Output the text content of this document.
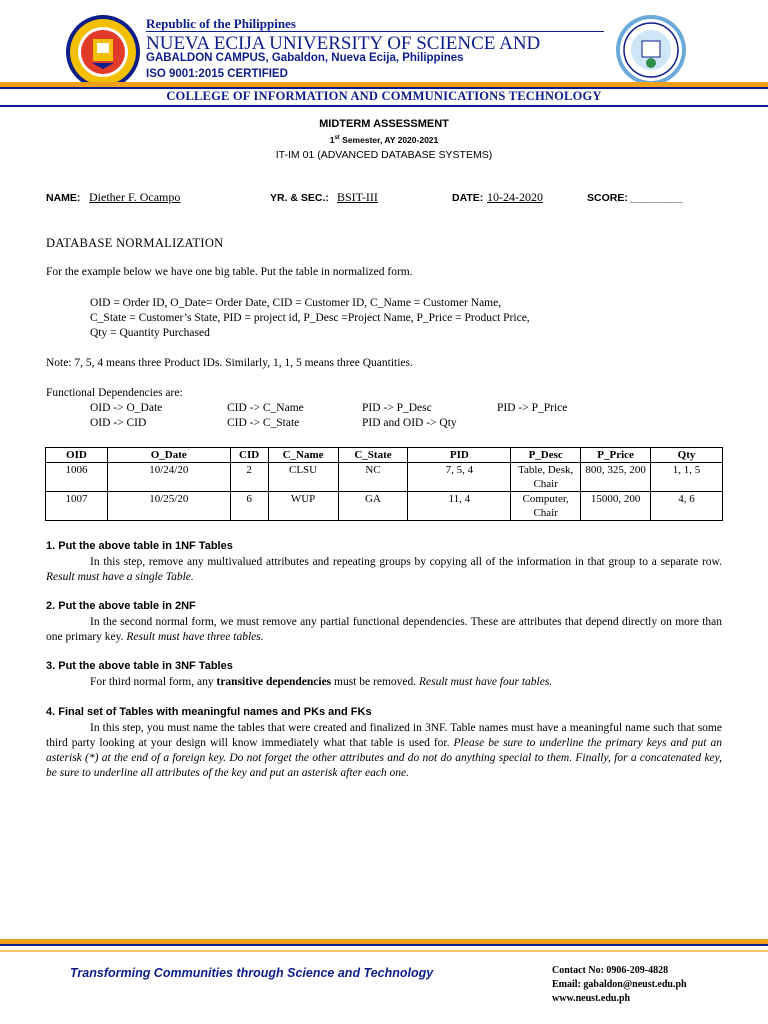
Republic of the Philippines
NUEVA ECIJA UNIVERSITY OF SCIENCE AND
GABALDON CAMPUS, Gabaldon, Nueva Ecija, Philippines
ISO 9001:2015 CERTIFIED
COLLEGE OF INFORMATION AND COMMUNICATIONS TECHNOLOGY
MIDTERM ASSESSMENT
1st Semester, AY 2020-2021
IT-IM 01 (ADVANCED DATABASE SYSTEMS)
NAME: Diether F. Ocampo	YR. & SEC.: BSIT-III	DATE: 10-24-2020	SCORE: _________
DATABASE NORMALIZATION
For the example below we have one big table. Put the table in normalized form.
OID = Order ID, O_Date= Order Date, CID = Customer ID, C_Name = Customer Name,
C_State = Customer’s State, PID = project id, P_Desc =Project Name, P_Price = Product Price,
Qty = Quantity Purchased
Note: 7, 5, 4 means three Product IDs. Similarly, 1, 1, 5 means three Quantities.
Functional Dependencies are:
OID -> O_Date	CID -> C_Name	PID -> P_Desc	PID -> P_Price
OID -> CID	CID -> C_State	PID and OID -> Qty
OID	O_Date	CID	C_Name	C_State	PID	P_Desc	P_Price	Qty
1006	10/24/20	2	CLSU	NC	7, 5, 4	Table, Desk, Chair	800, 325, 200	1, 1, 5
1007	10/25/20	6	WUP	GA	11, 4	Computer, Chair	15000, 200	4, 6
1. Put the above table in 1NF Tables
In this step, remove any multivalued attributes and repeating groups by copying all of the information in that group to a separate row. Result must have a single Table.
2. Put the above table in 2NF
In the second normal form, we must remove any partial functional dependencies. These are attributes that depend directly on more than one primary key. Result must have three tables.
3. Put the above table in 3NF Tables
For third normal form, any transitive dependencies must be removed. Result must have four tables.
4. Final set of Tables with meaningful names and PKs and FKs
In this step, you must name the tables that were created and finalized in 3NF. Table names must have a meaningful name such that some third party looking at your design will know immediately what that table is used for. Please be sure to underline the primary keys and put an asterisk (*) at the end of a foreign key. Do not forget the other attributes and do not do anything special to them. Finally, for a concatenated key, be sure to underline all attributes of the key and put an asterisk after each one.
Transforming Communities through Science and Technology	Contact No: 0906-209-4828
Email: gabaldon@neust.edu.ph
www.neust.edu.ph
